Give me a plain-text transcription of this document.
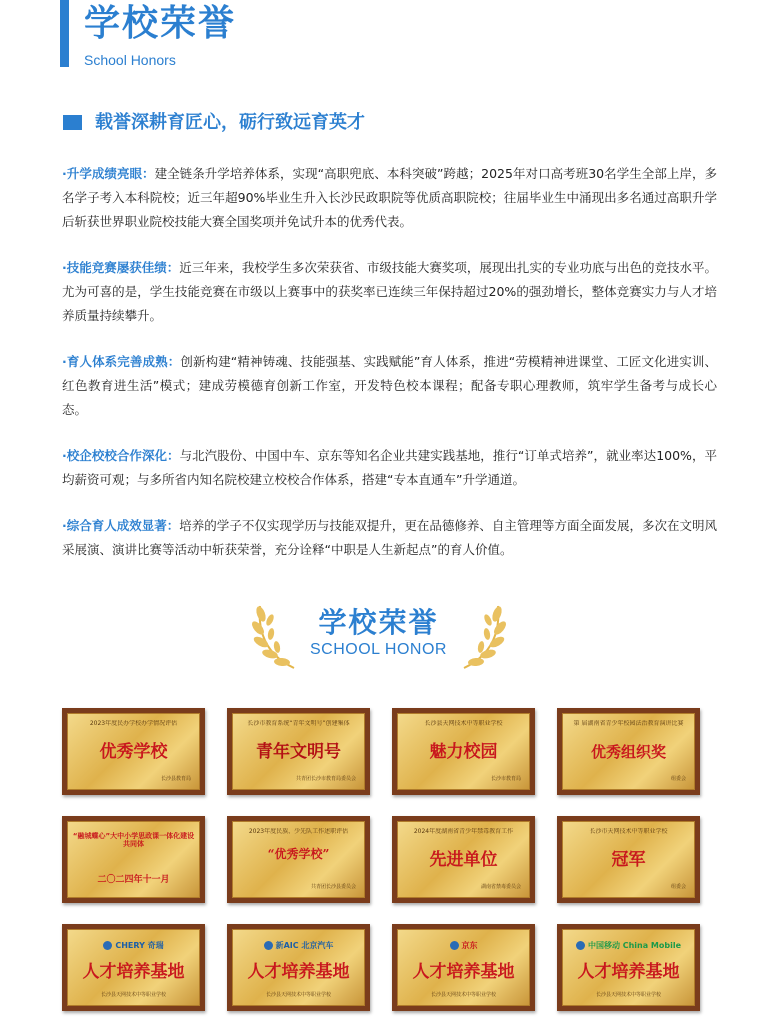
学校荣誉
School Honors
载誉深耕育匠心，砺行致远育英才

·升学成绩亮眼：建全链条升学培养体系，实现“高职兜底、本科突破”跨越；2025年对口高考班30名学生全部上岸，多名学子考入本科院校；近三年超90%毕业生升入长沙民政职院等优质高职院校；往届毕业生中涌现出多名通过高职升学后斩获世界职业院校技能大赛全国奖项并免试升本的优秀代表。

·技能竞赛屡获佳绩：近三年来，我校学生多次荣获省、市级技能大赛奖项，展现出扎实的专业功底与出色的竞技水平。尤为可喜的是，学生技能竞赛在市级以上赛事中的获奖率已连续三年保持超过20%的强劲增长，整体竞赛实力与人才培养质量持续攀升。

·育人体系完善成熟：创新构建“精神铸魂、技能强基、实践赋能”育人体系，推进“劳模精神进课堂、工匠文化进实训、红色教育进生活”模式；建成劳模德育创新工作室，开发特色校本课程；配备专职心理教师，筑牢学生备考与成长心态。

·校企校校合作深化：与北汽股份、中国中车、京东等知名企业共建实践基地，推行“订单式培养”，就业率达100%，平均薪资可观；与多所省内知名院校建立校校合作体系，搭建“专本直通车”升学通道。

·综合育人成效显著：培养的学子不仅实现学历与技能双提升，更在品德修养、自主管理等方面全面发展，多次在文明风采展演、演讲比赛等活动中斩获荣誉，充分诠释“中职是人生新起点”的育人价值。

学校荣誉
SCHOOL HONOR
2023年度民办学校办学情况评估
优秀学校
长沙县教育局
长沙市教育系统“青年文明号”创建集体
青年文明号
共青团长沙市教育局委员会
长沙县天网技术中等职业学校
魅力校园
长沙市教育局
第 届湖南省青少年校园法治教育演讲比赛
优秀组织奖
组委会
“融城蝶心”大中小学思政课一体化建设共同体
二〇二四年十一月
2023年度民族、少先队工作述职评估
“优秀学校”
共青团长沙县委员会
2024年度湖南省青少年禁毒教育工作
先进单位
湖南省禁毒委员会
长沙市天网技术中等职业学校
冠军
组委会
CHERY 奇瑞
人才培养基地
长沙县天网技术中等职业学校
新AIC 北京汽车
人才培养基地
长沙县天网技术中等职业学校
京东
人才培养基地
长沙县天网技术中等职业学校
中国移动 China Mobile
人才培养基地
长沙县天网技术中等职业学校
